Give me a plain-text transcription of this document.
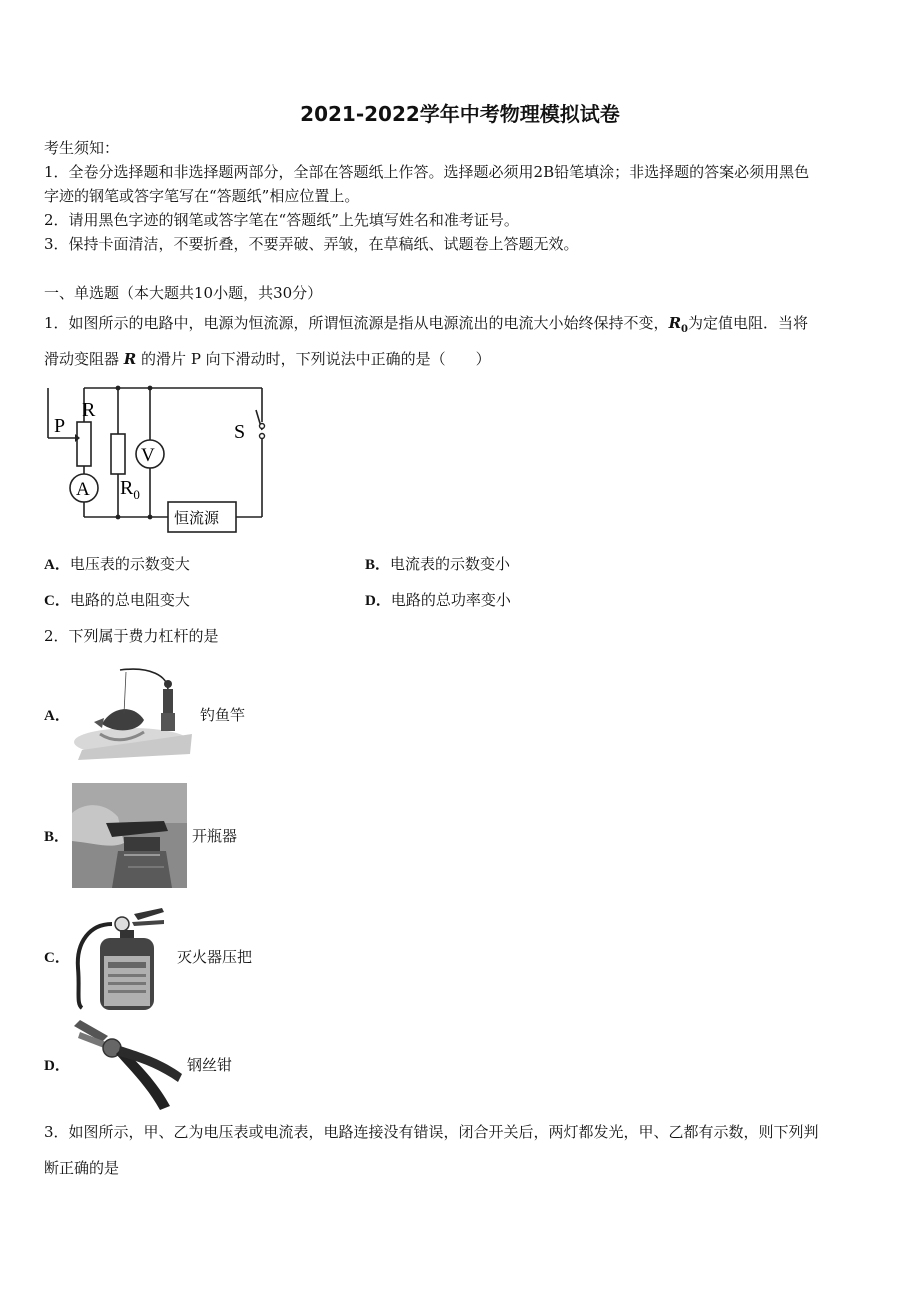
2021-2022学年中考物理模拟试卷
考生须知：
1．全卷分选择题和非选择题两部分，全部在答题纸上作答。选择题必须用2B铅笔填涂；非选择题的答案必须用黑色
字迹的钢笔或答字笔写在“答题纸”相应位置上。
2．请用黑色字迹的钢笔或答字笔在“答题纸”上先填写姓名和准考证号。
3．保持卡面清洁，不要折叠，不要弄破、弄皱，在草稿纸、试题卷上答题无效。
一、单选题（本大题共10小题，共30分）
1．如图所示的电路中，电源为恒流源，所谓恒流源是指从电源流出的电流大小始终保持不变，$R_0$为定值电阻．当将
滑动变阻器 R 的滑片 P 向下滑动时，下列说法中正确的是（　　）
P
R
S
A
V
$R_0$
恒流源
A．电压表的示数变大	B．电流表的示数变小
C．电路的总电阻变大	D．电路的总功率变小
2．下列属于费力杠杆的是
A．	钓鱼竿
B．	开瓶器
C．	灭火器压把
D．	钢丝钳
3．如图所示，甲、乙为电压表或电流表，电路连接没有错误，闭合开关后，两灯都发光，甲、乙都有示数，则下列判
断正确的是
